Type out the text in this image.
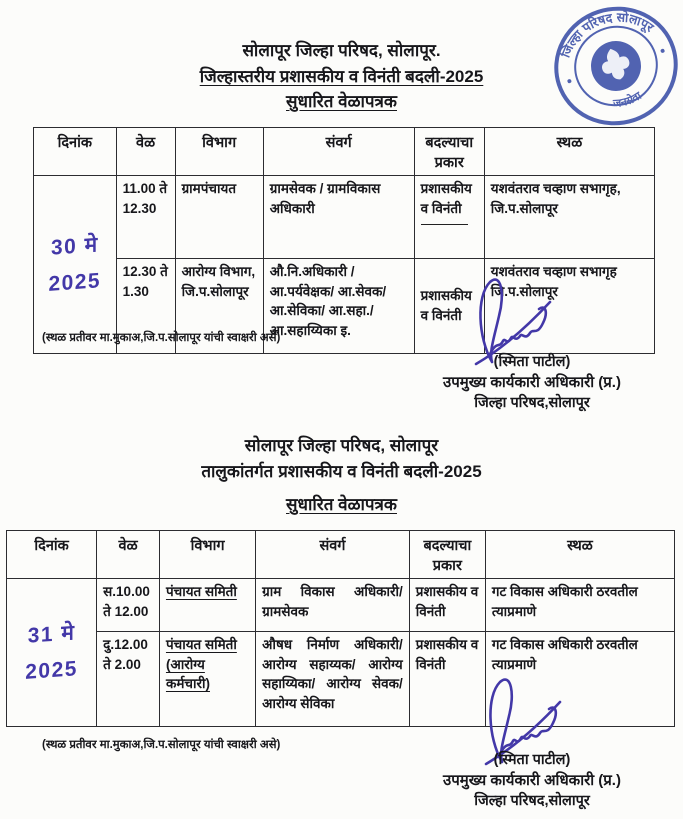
जिल्हा परिषद सोलापूर
जनसेवा
सोलापूर जिल्हा परिषद, सोलापूर.
जिल्हास्तरीय प्रशासकीय व विनंती बदली-2025
सुधारित वेळापत्रक
दिनांक	वेळ	विभाग	संवर्ग	बदल्याचा प्रकार	स्थळ

30 मे
2025	11.00 ते 12.30	ग्रामपंचायत	ग्रामसेवक / ग्रामविकास अधिकारी	प्रशासकीय व विनंती	यशवंतराव चव्हाण सभागृह, जि.प.सोलापूर
	12.30 ते 1.30	आरोग्य विभाग, जि.प.सोलापूर	औ.नि.अधिकारी / आ.पर्यवेक्षक/ आ.सेवक/ आ.सेविका/ आ.सहा./आ.सहाय्यिका इ.	प्रशासकीय व विनंती	यशवंतराव चव्हाण सभागृह जि.प.सोलापूर
(स्थळ प्रतीवर मा.मुकाअ,जि.प.सोलापूर यांची स्वाक्षरी असे)
(स्मिता पाटील)
उपमुख्य कार्यकारी अधिकारी (प्र.)
जिल्हा परिषद,सोलापूर
सोलापूर जिल्हा परिषद, सोलापूर
तालुकांतर्गत प्रशासकीय व विनंती बदली-2025
सुधारित वेळापत्रक
दिनांक	वेळ	विभाग	संवर्ग	बदल्याचा प्रकार	स्थळ

31 मे
2025	स.10.00 ते 12.00	पंचायत समिती	ग्राम विकास अधिकारी/ ग्रामसेवक	प्रशासकीय व विनंती	गट विकास अधिकारी ठरवतील त्याप्रमाणे
	दु.12.00 ते 2.00	पंचायत समिती (आरोग्य कर्मचारी)	औषध निर्माण अधिकारी/ आरोग्य सहाय्यक/ आरोग्य सहाय्यिका/ आरोग्य सेवक/ आरोग्य सेविका	प्रशासकीय व विनंती	गट विकास अधिकारी ठरवतील त्याप्रमाणे
(स्थळ प्रतीवर मा.मुकाअ,जि.प.सोलापूर यांची स्वाक्षरी असे)
(स्मिता पाटील)
उपमुख्य कार्यकारी अधिकारी (प्र.)
जिल्हा परिषद,सोलापूर
